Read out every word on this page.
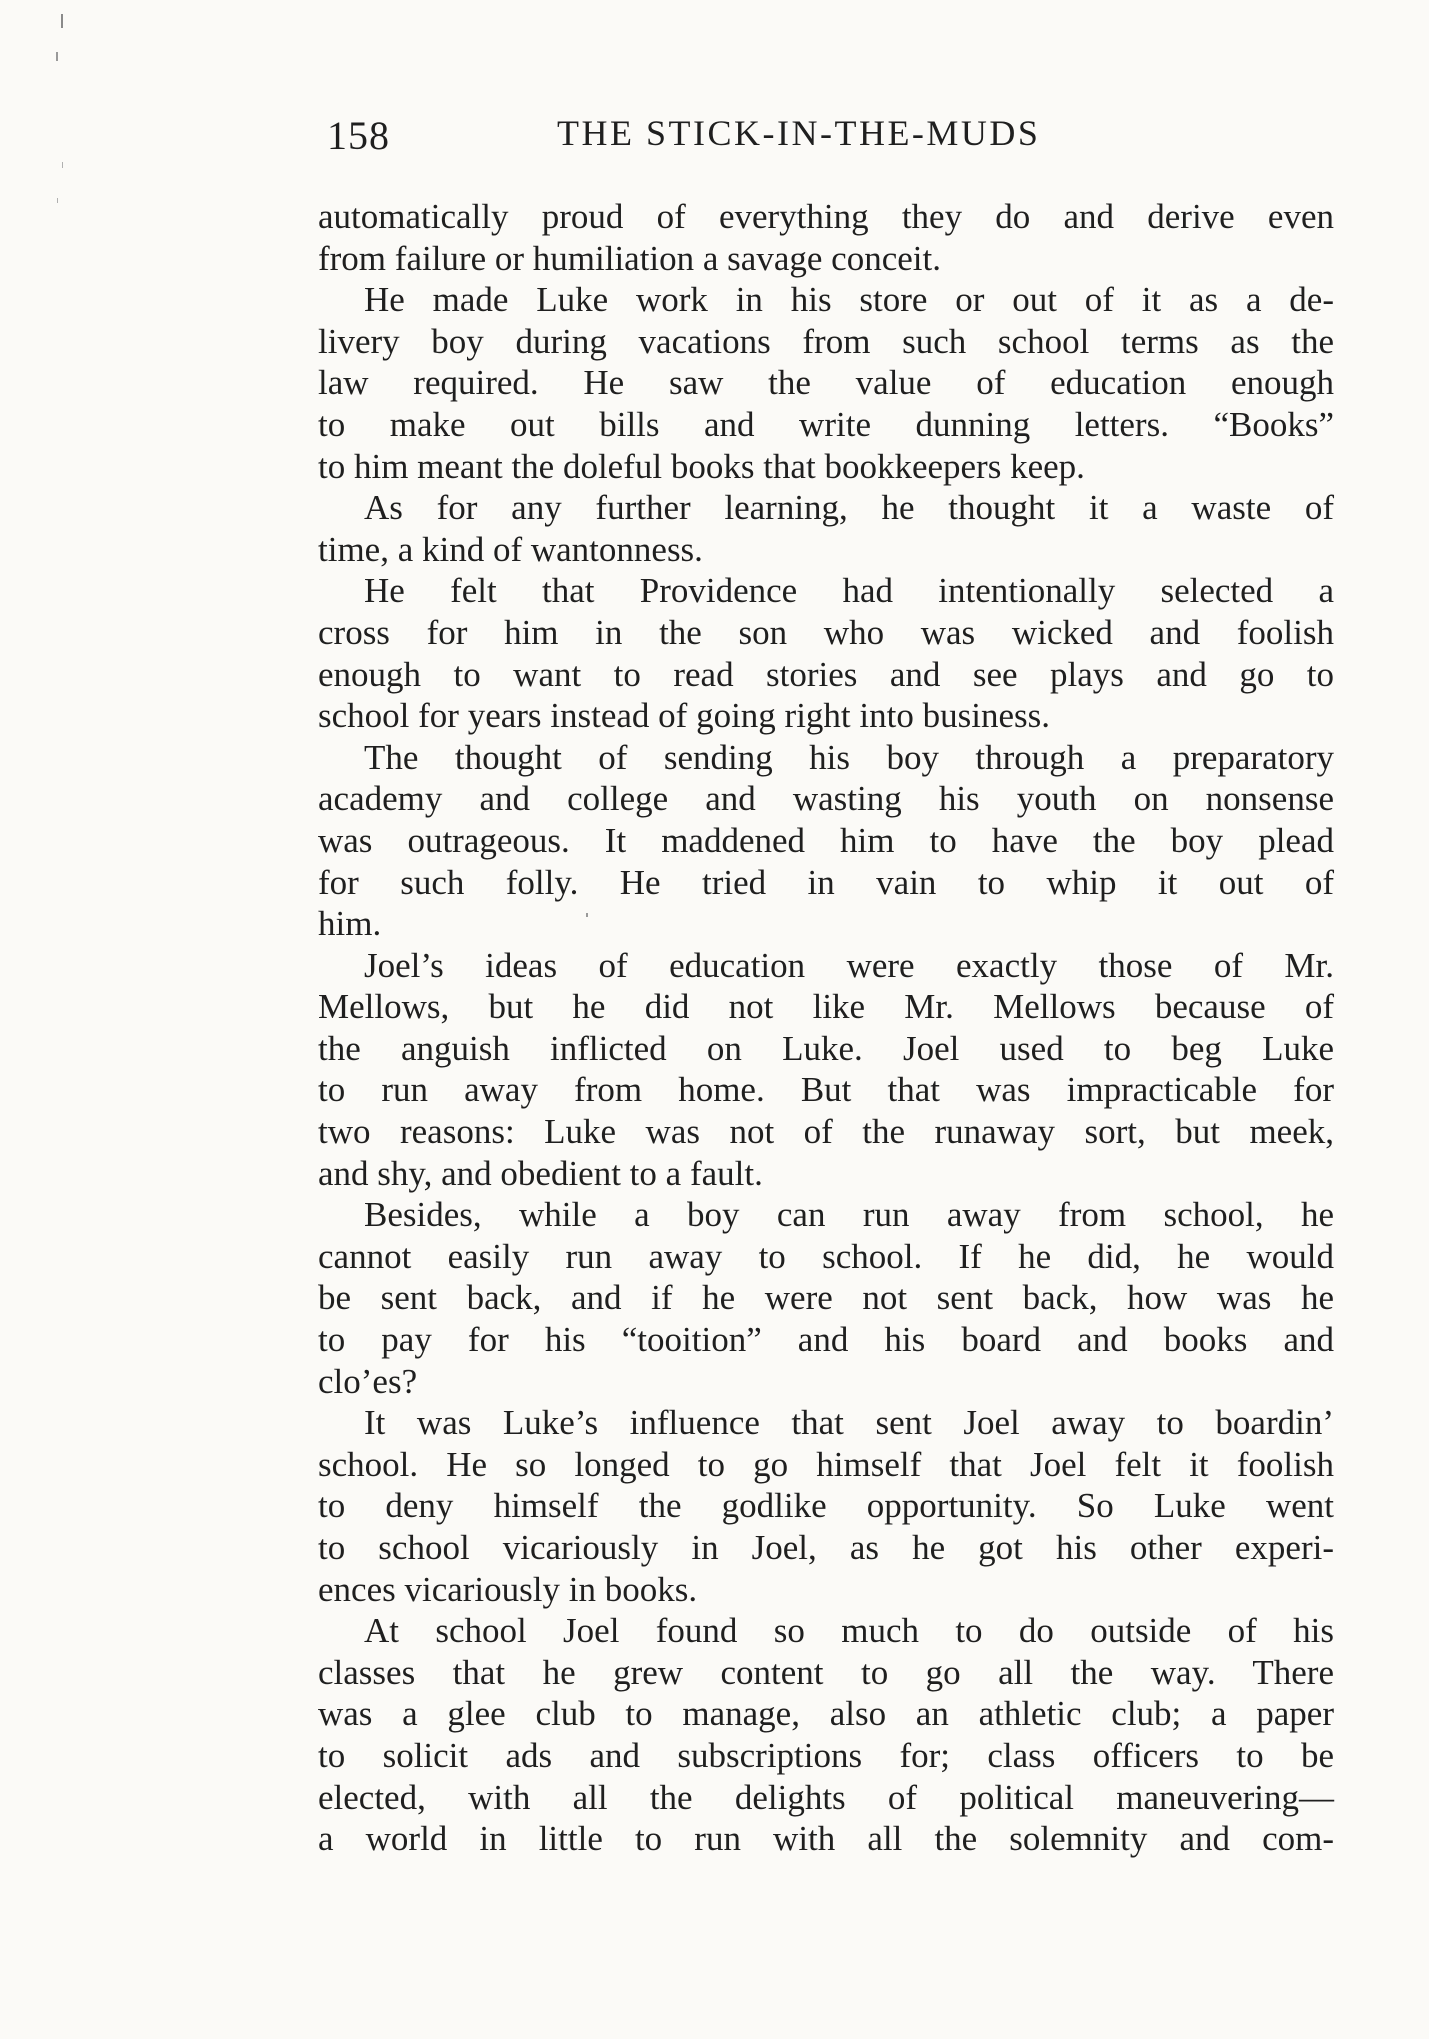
158	THE STICK-IN-THE-MUDS
automatically proud of everything they do and derive even
from failure or humiliation a savage conceit.
He made Luke work in his store or out of it as a de-
livery boy during vacations from such school terms as the
law required. He saw the value of education enough
to make out bills and write dunning letters. “Books”
to him meant the doleful books that bookkeepers keep.
As for any further learning, he thought it a waste of
time, a kind of wantonness.
He felt that Providence had intentionally selected a
cross for him in the son who was wicked and foolish
enough to want to read stories and see plays and go to
school for years instead of going right into business.
The thought of sending his boy through a preparatory
academy and college and wasting his youth on nonsense
was outrageous. It maddened him to have the boy plead
for such folly. He tried in vain to whip it out of
him.
Joel’s ideas of education were exactly those of Mr.
Mellows, but he did not like Mr. Mellows because of
the anguish inflicted on Luke. Joel used to beg Luke
to run away from home. But that was impracticable for
two reasons: Luke was not of the runaway sort, but meek,
and shy, and obedient to a fault.
Besides, while a boy can run away from school, he
cannot easily run away to school. If he did, he would
be sent back, and if he were not sent back, how was he
to pay for his “tooition” and his board and books and
clo’es?
It was Luke’s influence that sent Joel away to boardin’
school. He so longed to go himself that Joel felt it foolish
to deny himself the godlike opportunity. So Luke went
to school vicariously in Joel, as he got his other experi-
ences vicariously in books.
At school Joel found so much to do outside of his
classes that he grew content to go all the way. There
was a glee club to manage, also an athletic club; a paper
to solicit ads and subscriptions for; class officers to be
elected, with all the delights of political maneuvering—
a world in little to run with all the solemnity and com-
